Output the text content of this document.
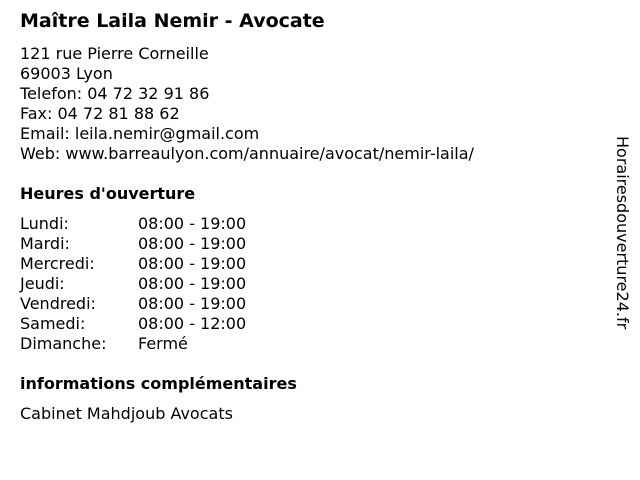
Maître Laila Nemir - Avocate
121 rue Pierre Corneille
69003 Lyon
Telefon: 04 72 32 91 86
Fax: 04 72 81 88 62
Email: leila.nemir@gmail.com
Web: www.barreaulyon.com/annuaire/avocat/nemir-laila/
Heures d'ouverture
Lundi:	08:00 - 19:00
Mardi:	08:00 - 19:00
Mercredi:	08:00 - 19:00
Jeudi:	08:00 - 19:00
Vendredi:	08:00 - 19:00
Samedi:	08:00 - 12:00
Dimanche:	Fermé
informations complémentaires
Cabinet Mahdjoub Avocats
Horairesdouverture24.fr
